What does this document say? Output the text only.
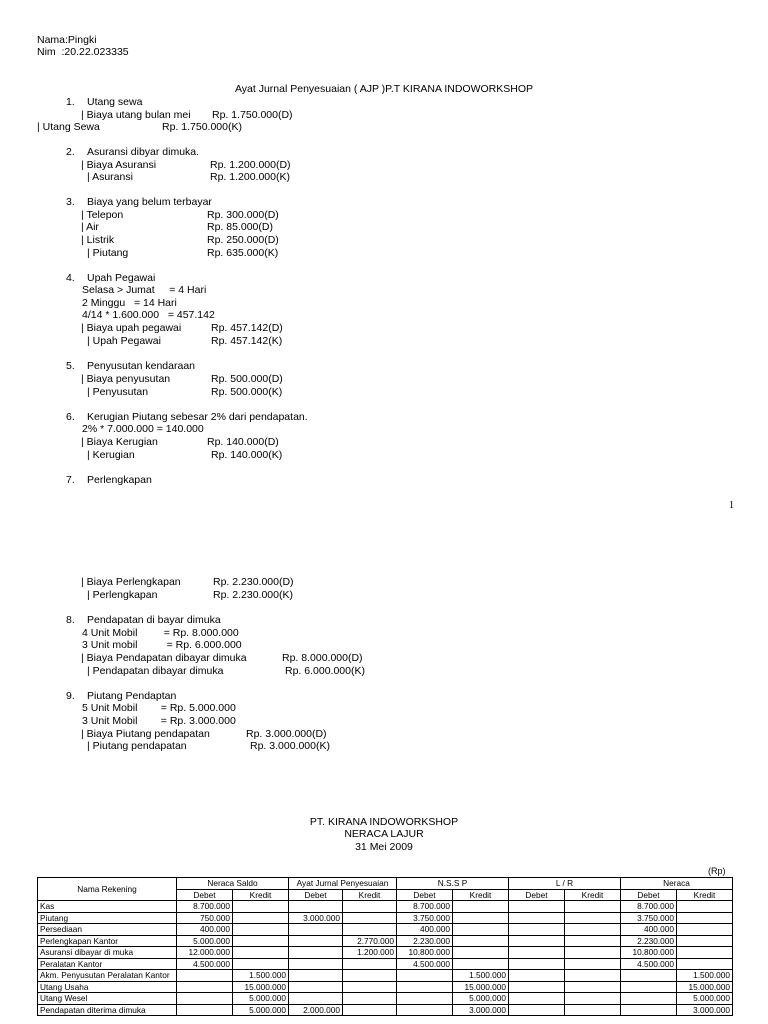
Nama:Pingki
Nim  :20.22.023335
Ayat Jurnal Penyesuaian ( AJP )P.T KIRANA INDOWORKSHOP
1. Utang sewa
| Biaya utang bulan mei Rp. 1.750.000(D)
| Utang Sewa	Rp. 1.750.000(K)
2. Asuransi dibyar dimuka.
| Biaya Asuransi	Rp. 1.200.000(D)
| Asuransi	Rp. 1.200.000(K)
3. Biaya yang belum terbayar
| Telepon	Rp. 300.000(D)
| Air	Rp. 85.000(D)
| Listrik	Rp. 250.000(D)
| Piutang	Rp. 635.000(K)
4. Upah Pegawai
Selasa > Jumat     = 4 Hari
2 Minggu   = 14 Hari
4/14 * 1.600.000   = 457.142
| Biaya upah pegawai	Rp. 457.142(D)
| Upah Pegawai	Rp. 457.142(K)
5. Penyusutan kendaraan
| Biaya penyusutan	Rp. 500.000(D)
| Penyusutan	Rp. 500.000(K)
6. Kerugian Piutang sebesar 2% dari pendapatan.
2% * 7.000.000 = 140.000
| Biaya Kerugian	Rp. 140.000(D)
| Kerugian	Rp. 140.000(K)
7. Perlengkapan
1
| Biaya Perlengkapan	Rp. 2.230.000(D)
| Perlengkapan	Rp. 2.230.000(K)
8. Pendapatan di bayar dimuka
4 Unit Mobil         = Rp. 8.000.000
3 Unit mobil          = Rp. 6.000.000
| Biaya Pendapatan dibayar dimuka	Rp. 8.000.000(D)
| Pendapatan dibayar dimuka	Rp. 6.000.000(K)
9. Piutang Pendaptan
5 Unit Mobil        = Rp. 5.000.000
3 Unit Mobil        = Rp. 3.000.000
| Biaya Piutang pendapatan	Rp. 3.000.000(D)
| Piutang pendapatan	Rp. 3.000.000(K)
PT. KIRANA INDOWORKSHOP
NERACA LAJUR
31 Mei 2009
(Rp)
Nama Rekening	Neraca Saldo		Ayat Jurnal Penyesuaian		N.S.S P		L / R		Neraca	
	Debet	Kredit	Debet	Kredit	Debet	Kredit	Debet	Kredit	Debet	Kredit
Kas	8.700.000				8.700.000				8.700.000	
Piutang	750.000		3.000.000		3.750.000				3.750.000	
Persediaan	400.000				400.000				400.000	
Perlengkapan Kantor	5.000.000			2.770.000	2.230.000				2.230.000	
Asuransi dibayar di muka	12.000.000			1.200.000	10.800.000				10.800.000	
Peralatan Kantor	4.500.000				4.500.000				4.500.000	
Akm. Penyusutan Peralatan Kantor		1.500.000				1.500.000				1.500.000
Utang Usaha		15.000.000				15.000.000				15.000.000
Utang Wesel		5.000.000				5.000.000				5.000.000
Pendapatan diterima dimuka		5.000.000	2.000.000			3.000.000				3.000.000
